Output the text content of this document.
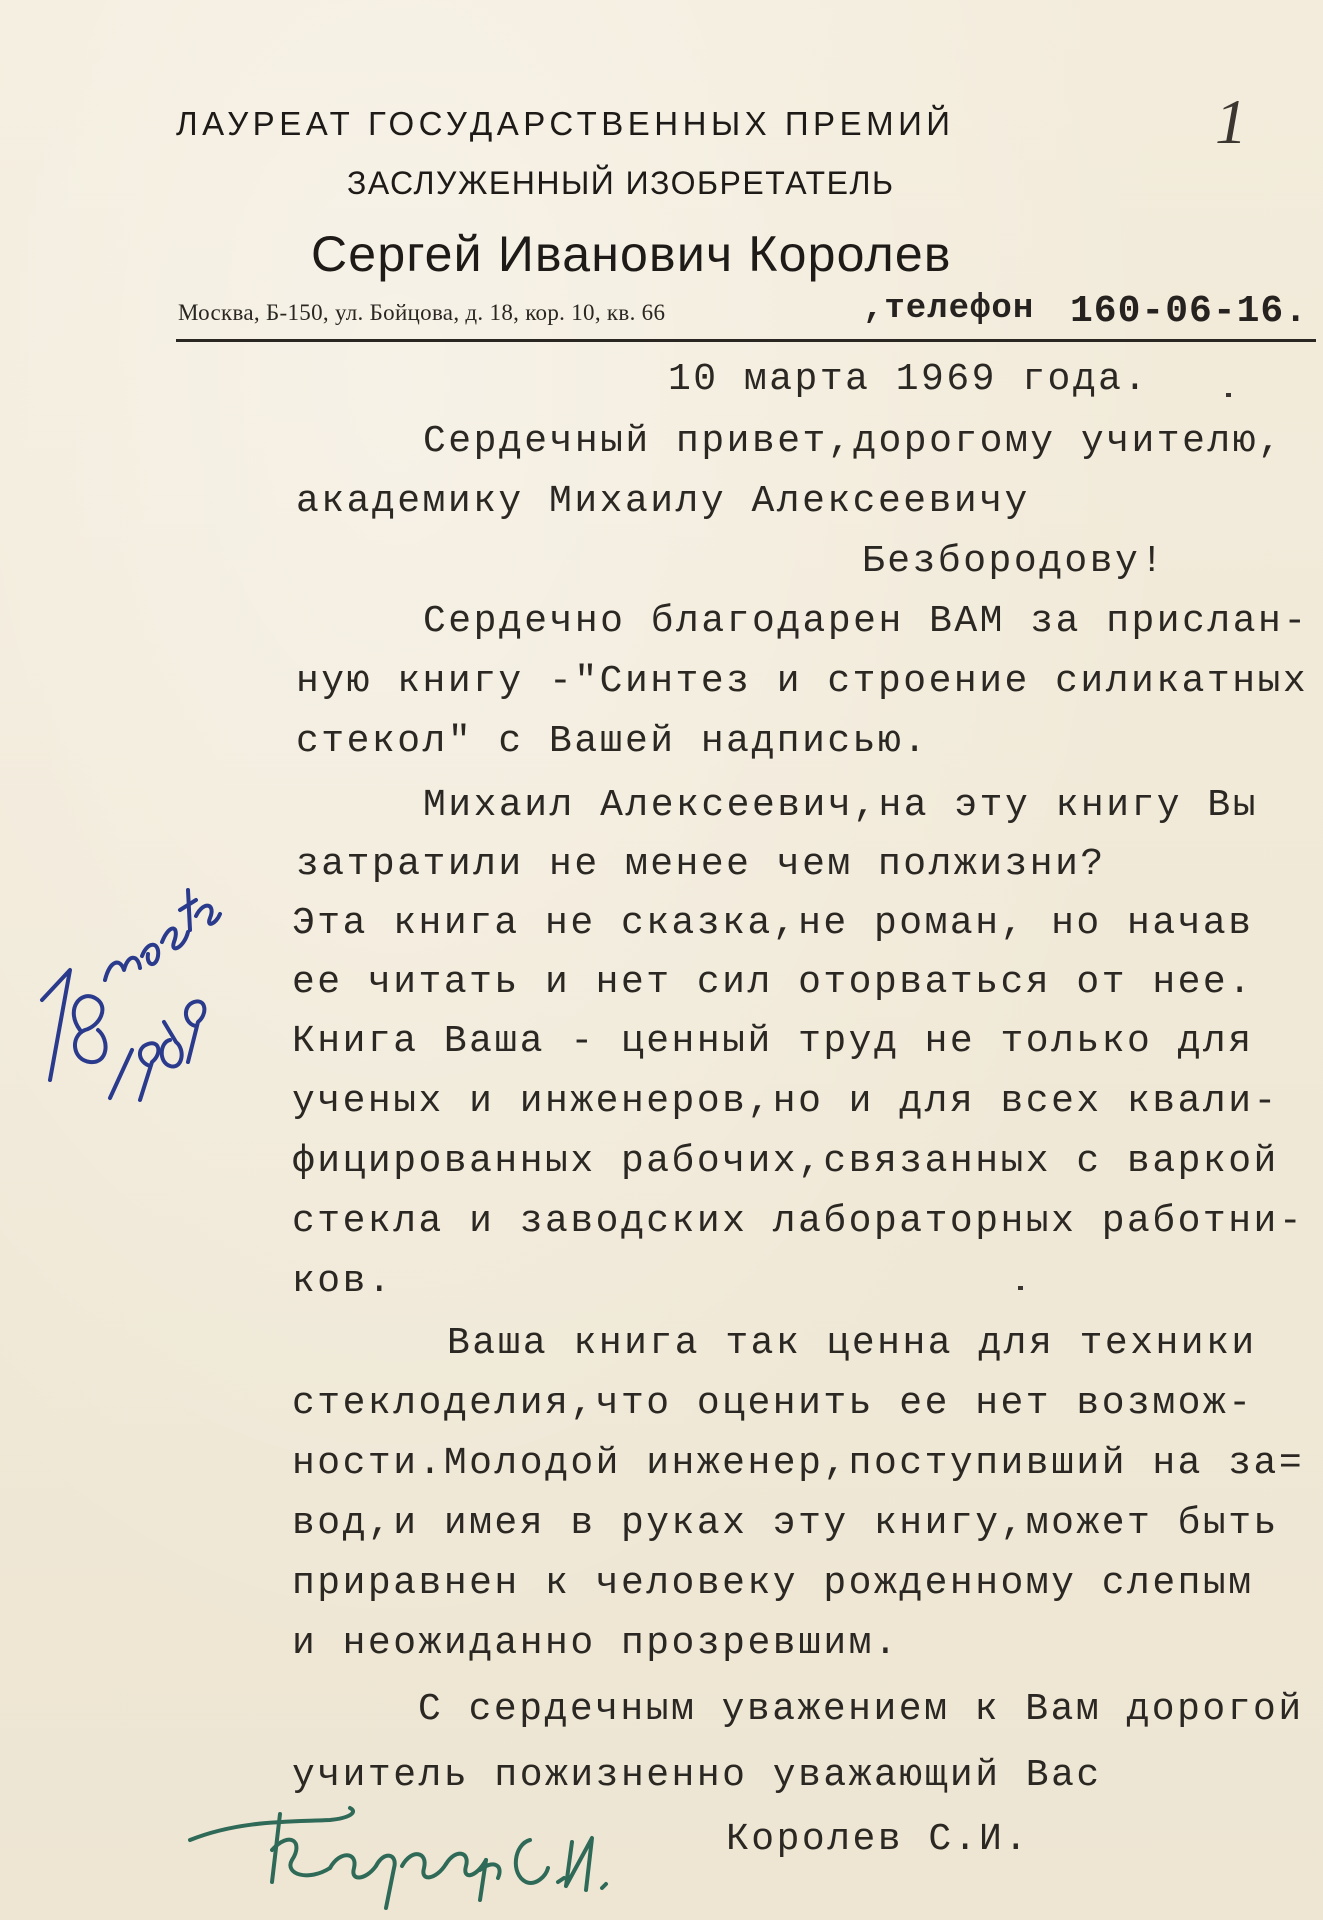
ЛАУРЕАТ ГОСУДАРСТВЕННЫХ ПРЕМИЙ
ЗАСЛУЖЕННЫЙ ИЗОБРЕТАТЕЛЬ
Сергей Иванович Королев
Москва, Б-150, ул. Бойцова, д. 18, кор. 10, кв. 66	,телефон 160-06-16.
1
10 марта 1969 года.
Сердечный привет,дорогому учителю,
академику Михаилу Алексеевичу
Безбородову!
Сердечно благодарен ВАМ за прислан-
ную книгу -"Синтез и строение силикатных
стекол" с Вашей надписью.
Михаил Алексеевич,на эту книгу Вы
затратили не менее чем полжизни?
Эта книга не сказка,не роман, но начав
ее читать и нет сил оторваться от нее.
Книга Ваша - ценный труд не только для
ученых и инженеров,но и для всех квали-
фицированных рабочих,связанных с варкой
стекла и заводских лабораторных работни-
ков.
Ваша книга так ценна для техники
стеклоделия,что оценить ее нет возмож-
ности.Молодой инженер,поступивший на за=
вод,и имея в руках эту книгу,может быть
приравнен к человеку рожденному слепым
и неожиданно прозревшим.
С сердечным уважением к Вам дорогой
учитель пожизненно уважающий Вас
Королев С.И.
